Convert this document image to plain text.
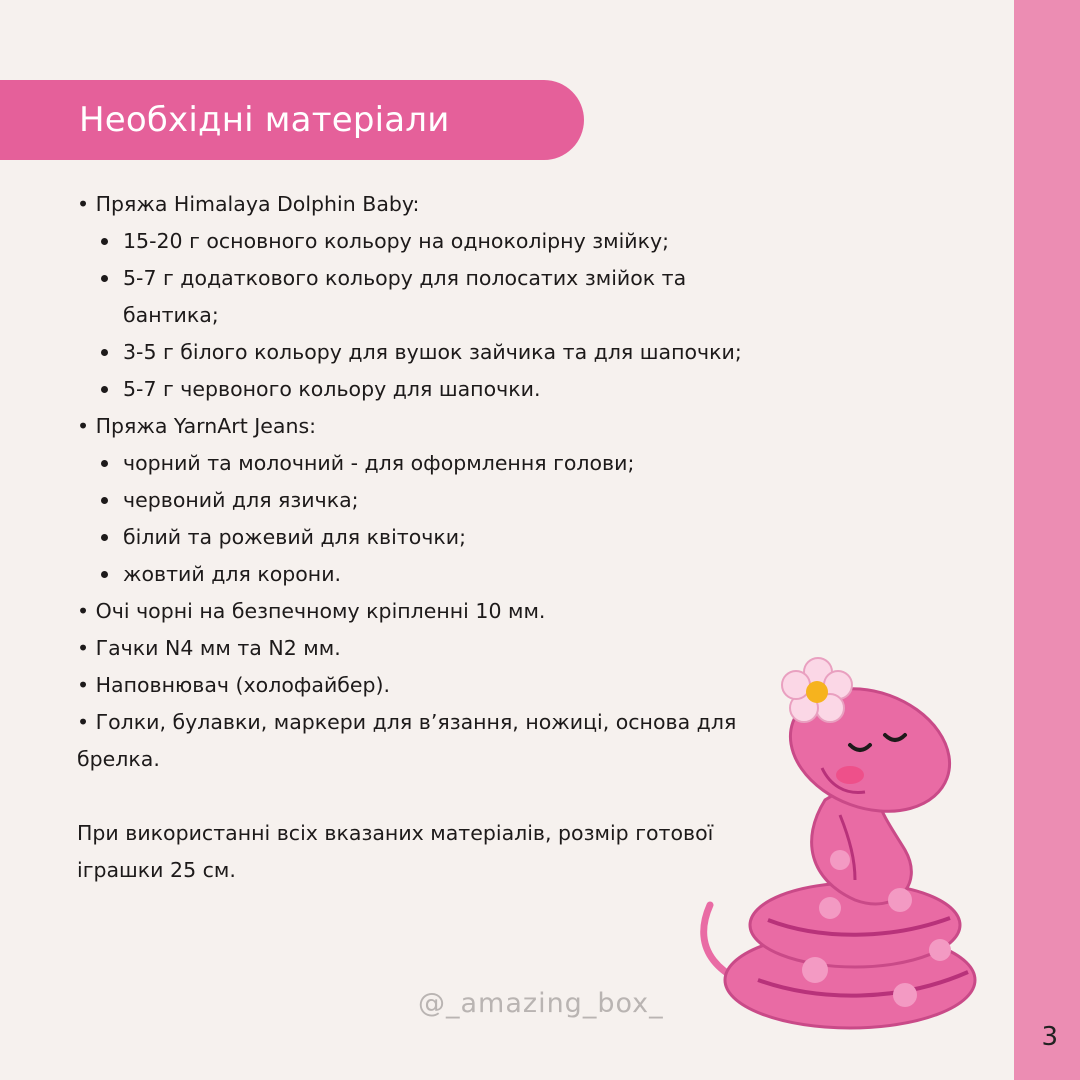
Необхідні матеріали
• Пряжа Himalaya Dolphin Baby:
15-20 г основного кольору на одноколірну змійку;
5-7 г додаткового кольору для полосатих змійок та бантика;
3-5 г білого кольору для вушок зайчика та для шапочки;
5-7 г червоного кольору для шапочки.
• Пряжа YarnArt Jeans:
чорний та молочний - для оформлення голови;
червоний для язичка;
білий та рожевий для квіточки;
жовтий для корони.
• Очі чорні на безпечному кріпленні 10 мм.
• Гачки N4 мм та N2 мм.
• Наповнювач (холофайбер).
• Голки, булавки, маркери для в’язання, ножиці, основа для брелка.
При використанні всіх вказаних матеріалів, розмір готової іграшки 25 см.
@_amazing_box_
3
